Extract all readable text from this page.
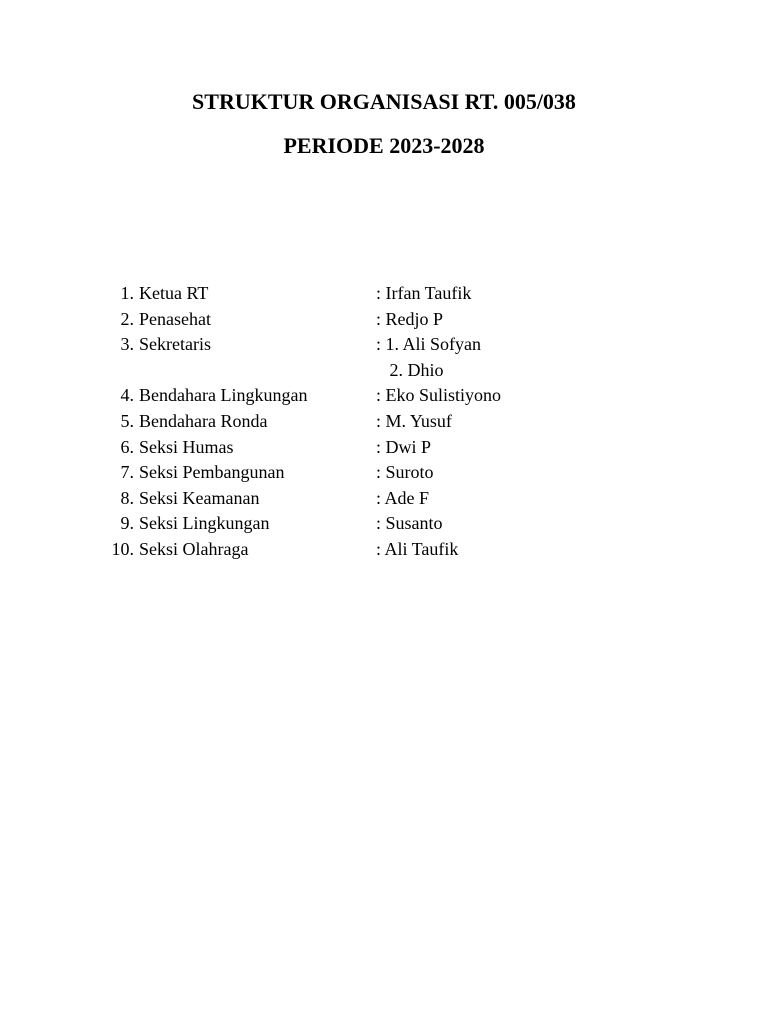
STRUKTUR ORGANISASI RT. 005/038
PERIODE 2023-2028
1. Ketua RT	: Irfan Taufik
2. Penasehat	: Redjo P
3. Sekretaris	: 1. Ali Sofyan
2. Dhio
4. Bendahara Lingkungan	: Eko Sulistiyono
5. Bendahara Ronda	: M. Yusuf
6. Seksi Humas	: Dwi P
7. Seksi Pembangunan	: Suroto
8. Seksi Keamanan	: Ade F
9. Seksi Lingkungan	: Susanto
10. Seksi Olahraga	: Ali Taufik
